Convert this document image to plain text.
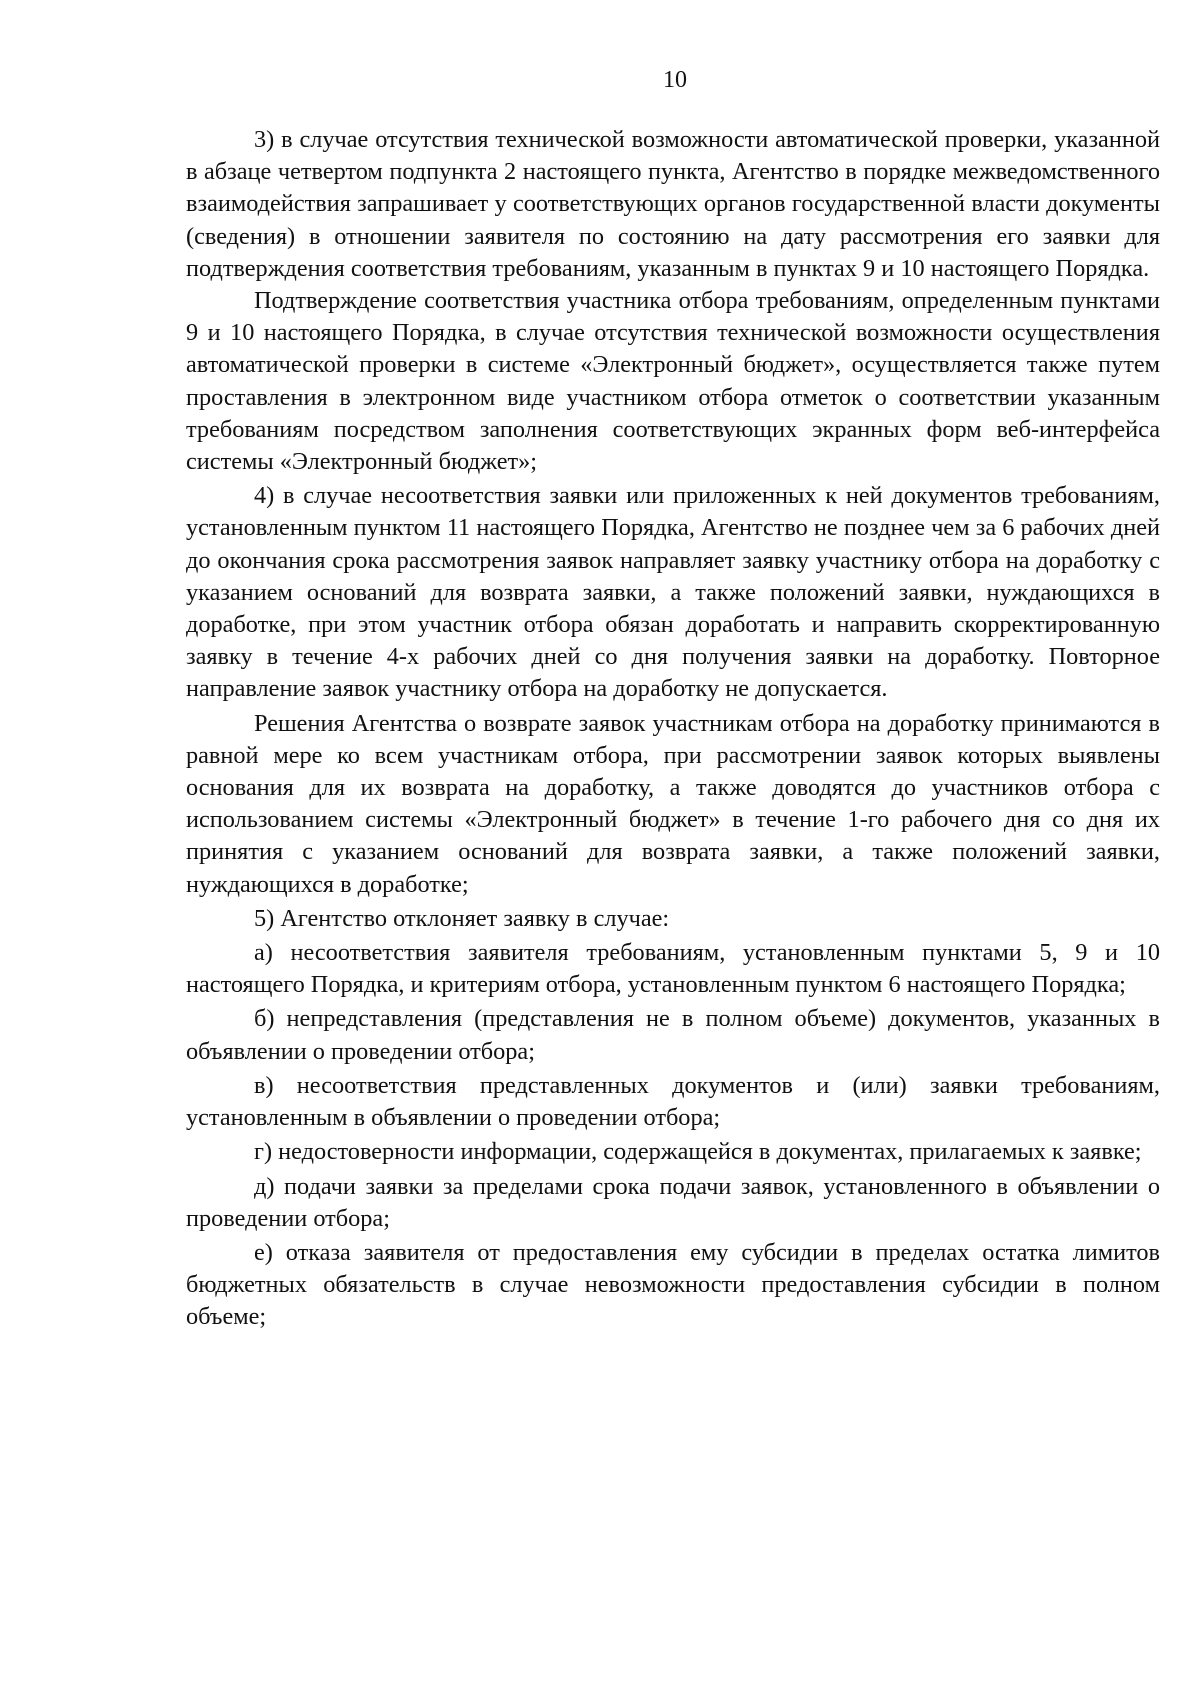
10

3) в случае отсутствия технической возможности автоматической проверки, указанной в абзаце четвертом подпункта 2 настоящего пункта, Агентство в порядке межведомственного взаимодействия запрашивает у соответствующих органов государственной власти документы (сведения) в отношении заявителя по состоянию на дату рассмотрения его заявки для подтверждения соответствия требованиям, указанным в пунктах 9 и 10 настоящего Порядка.

Подтверждение соответствия участника отбора требованиям, определенным пунктами 9 и 10 настоящего Порядка, в случае отсутствия технической возможности осуществления автоматической проверки в системе «Электронный бюджет», осуществляется также путем проставления в электронном виде участником отбора отметок о соответствии указанным требованиям посредством заполнения соответствующих экранных форм веб-интерфейса системы «Электронный бюджет»;

4) в случае несоответствия заявки или приложенных к ней документов требованиям, установленным пунктом 11 настоящего Порядка, Агентство не позднее чем за 6 рабочих дней до окончания срока рассмотрения заявок направляет заявку участнику отбора на доработку с указанием оснований для возврата заявки, а также положений заявки, нуждающихся в доработке, при этом участник отбора обязан доработать и направить скорректированную заявку в течение 4-х рабочих дней со дня получения заявки на доработку. Повторное направление заявок участнику отбора на доработку не допускается.

Решения Агентства о возврате заявок участникам отбора на доработку принимаются в равной мере ко всем участникам отбора, при рассмотрении заявок которых выявлены основания для их возврата на доработку, а также доводятся до участников отбора с использованием системы «Электронный бюджет» в течение 1-го рабочего дня со дня их принятия с указанием оснований для возврата заявки, а также положений заявки, нуждающихся в доработке;

5) Агентство отклоняет заявку в случае:

а) несоответствия заявителя требованиям, установленным пунктами 5, 9 и 10 настоящего Порядка, и критериям отбора, установленным пунктом 6 настоящего Порядка;

б) непредставления (представления не в полном объеме) документов, указанных в объявлении о проведении отбора;

в) несоответствия представленных документов и (или) заявки требованиям, установленным в объявлении о проведении отбора;

г) недостоверности информации, содержащейся в документах, прилагаемых к заявке;

д) подачи заявки за пределами срока подачи заявок, установленного в объявлении о проведении отбора;

е) отказа заявителя от предоставления ему субсидии в пределах остатка лимитов бюджетных обязательств в случае невозможности предоставления субсидии в полном объеме;
